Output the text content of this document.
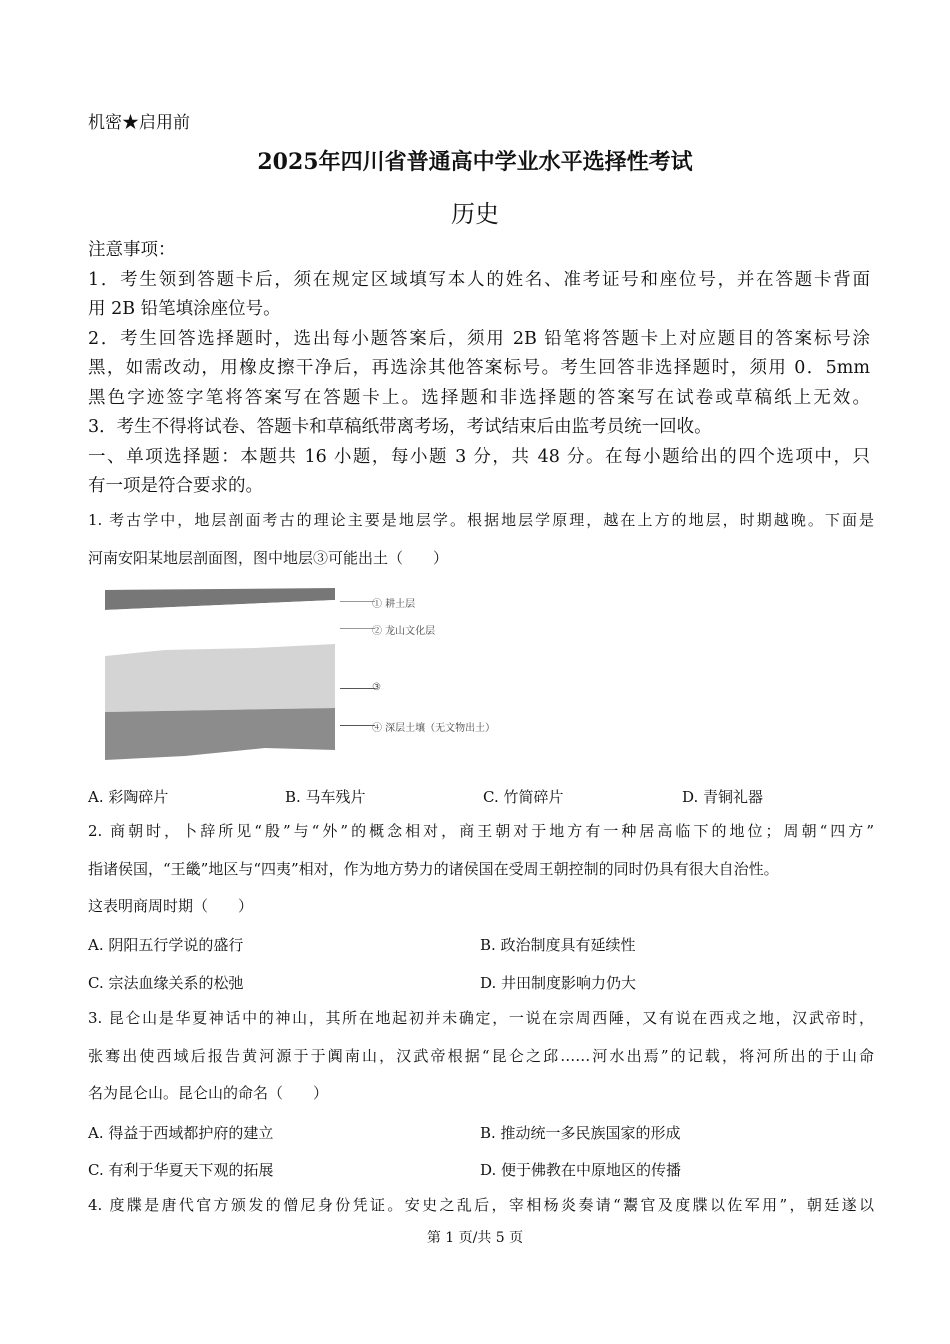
机密★启用前
2025年四川省普通高中学业水平选择性考试
历史
注意事项：
1．考生领到答题卡后，须在规定区域填写本人的姓名、准考证号和座位号，并在答题卡背面
用 2B 铅笔填涂座位号。
2．考生回答选择题时，选出每小题答案后，须用 2B 铅笔将答题卡上对应题目的答案标号涂
黑，如需改动，用橡皮擦干净后，再选涂其他答案标号。考生回答非选择题时，须用 0．5mm
黑色字迹签字笔将答案写在答题卡上。选择题和非选择题的答案写在试卷或草稿纸上无效。
3．考生不得将试卷、答题卡和草稿纸带离考场，考试结束后由监考员统一回收。
一、单项选择题：本题共 16 小题，每小题 3 分，共 48 分。在每小题给出的四个选项中，只
有一项是符合要求的。
1. 考古学中，地层剖面考古的理论主要是地层学。根据地层学原理，越在上方的地层，时期越晚。下面是
河南安阳某地层剖面图，图中地层③可能出土（　　）
① 耕土层
② 龙山文化层
③
④ 深层土壤（无文物出土）
A. 彩陶碎片	B. 马车残片	C. 竹简碎片	D. 青铜礼器
2. 商朝时，卜辞所见“殷”与“外”的概念相对，商王朝对于地方有一种居高临下的地位；周朝“四方”
指诸侯国，“王畿”地区与“四夷”相对，作为地方势力的诸侯国在受周王朝控制的同时仍具有很大自治性。
这表明商周时期（　　）
A. 阴阳五行学说的盛行	B. 政治制度具有延续性
C. 宗法血缘关系的松弛	D. 井田制度影响力仍大
3. 昆仑山是华夏神话中的神山，其所在地起初并未确定，一说在宗周西陲，又有说在西戎之地，汉武帝时，
张骞出使西域后报告黄河源于于阗南山，汉武帝根据“昆仑之邱……河水出焉”的记载，将河所出的于山命
名为昆仑山。昆仑山的命名（　　）
A. 得益于西域都护府的建立	B. 推动统一多民族国家的形成
C. 有利于华夏天下观的拓展	D. 便于佛教在中原地区的传播
4. 度牒是唐代官方颁发的僧尼身份凭证。安史之乱后，宰相杨炎奏请“鬻官及度牒以佐军用”，朝廷遂以
第 1 页/共 5 页
